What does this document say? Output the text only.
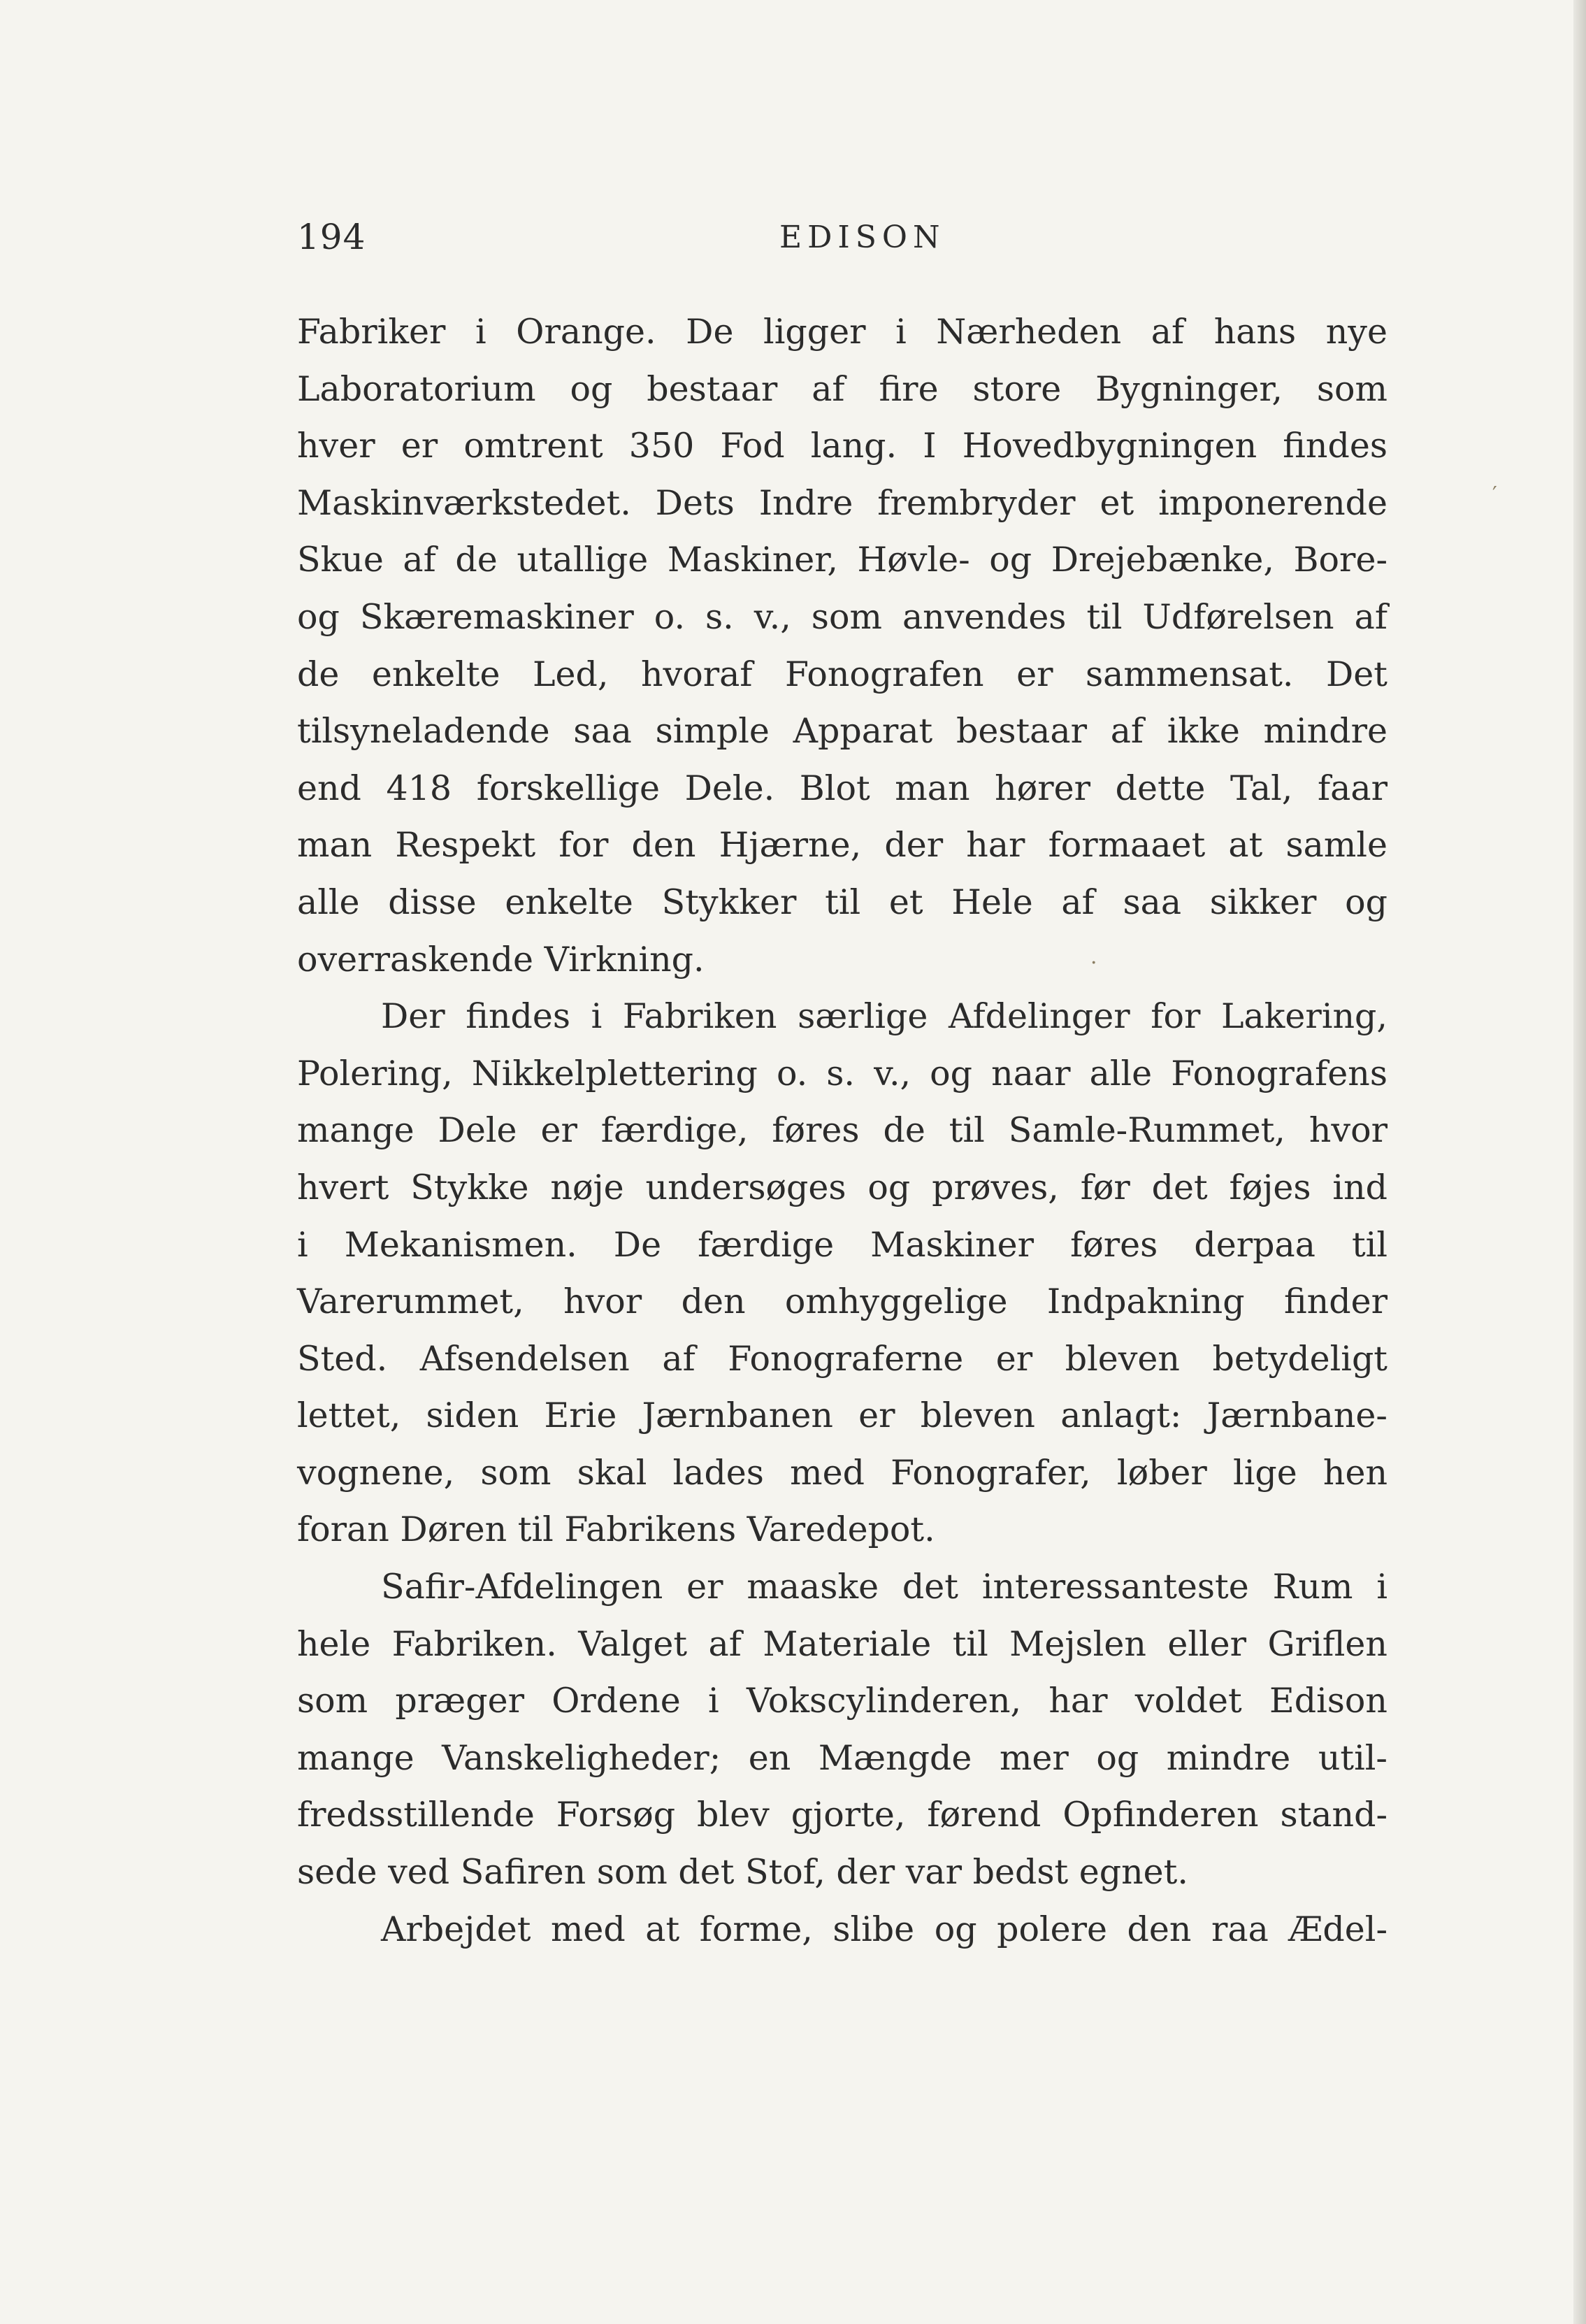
194	EDISON
′
·
Fabriker i Orange. De ligger i Nærheden af hans nye
Laboratorium og bestaar af fire store Bygninger, som
hver er omtrent 350 Fod lang. I Hovedbygningen findes
Maskinværkstedet. Dets Indre frembryder et imponerende
Skue af de utallige Maskiner, Høvle- og Drejebænke, Bore-
og Skæremaskiner o. s. v., som anvendes til Udførelsen af
de enkelte Led, hvoraf Fonografen er sammensat. Det
tilsyneladende saa simple Apparat bestaar af ikke mindre
end 418 forskellige Dele. Blot man hører dette Tal, faar
man Respekt for den Hjærne, der har formaaet at samle
alle disse enkelte Stykker til et Hele af saa sikker og
overraskende Virkning.
Der findes i Fabriken særlige Afdelinger for Lakering,
Polering, Nikkelplettering o. s. v., og naar alle Fonografens
mange Dele er færdige, føres de til Samle-Rummet, hvor
hvert Stykke nøje undersøges og prøves, før det føjes ind
i Mekanismen. De færdige Maskiner føres derpaa til
Varerummet, hvor den omhyggelige Indpakning finder
Sted. Afsendelsen af Fonograferne er bleven betydeligt
lettet, siden Erie Jærnbanen er bleven anlagt: Jærnbane-
vognene, som skal lades med Fonografer, løber lige hen
foran Døren til Fabrikens Varedepot.
Safir-Afdelingen er maaske det interessanteste Rum i
hele Fabriken. Valget af Materiale til Mejslen eller Griflen
som præger Ordene i Vokscylinderen, har voldet Edison
mange Vanskeligheder; en Mængde mer og mindre util-
fredsstillende Forsøg blev gjorte, førend Opfinderen stand-
sede ved Safiren som det Stof, der var bedst egnet.
Arbejdet med at forme, slibe og polere den raa Ædel-
